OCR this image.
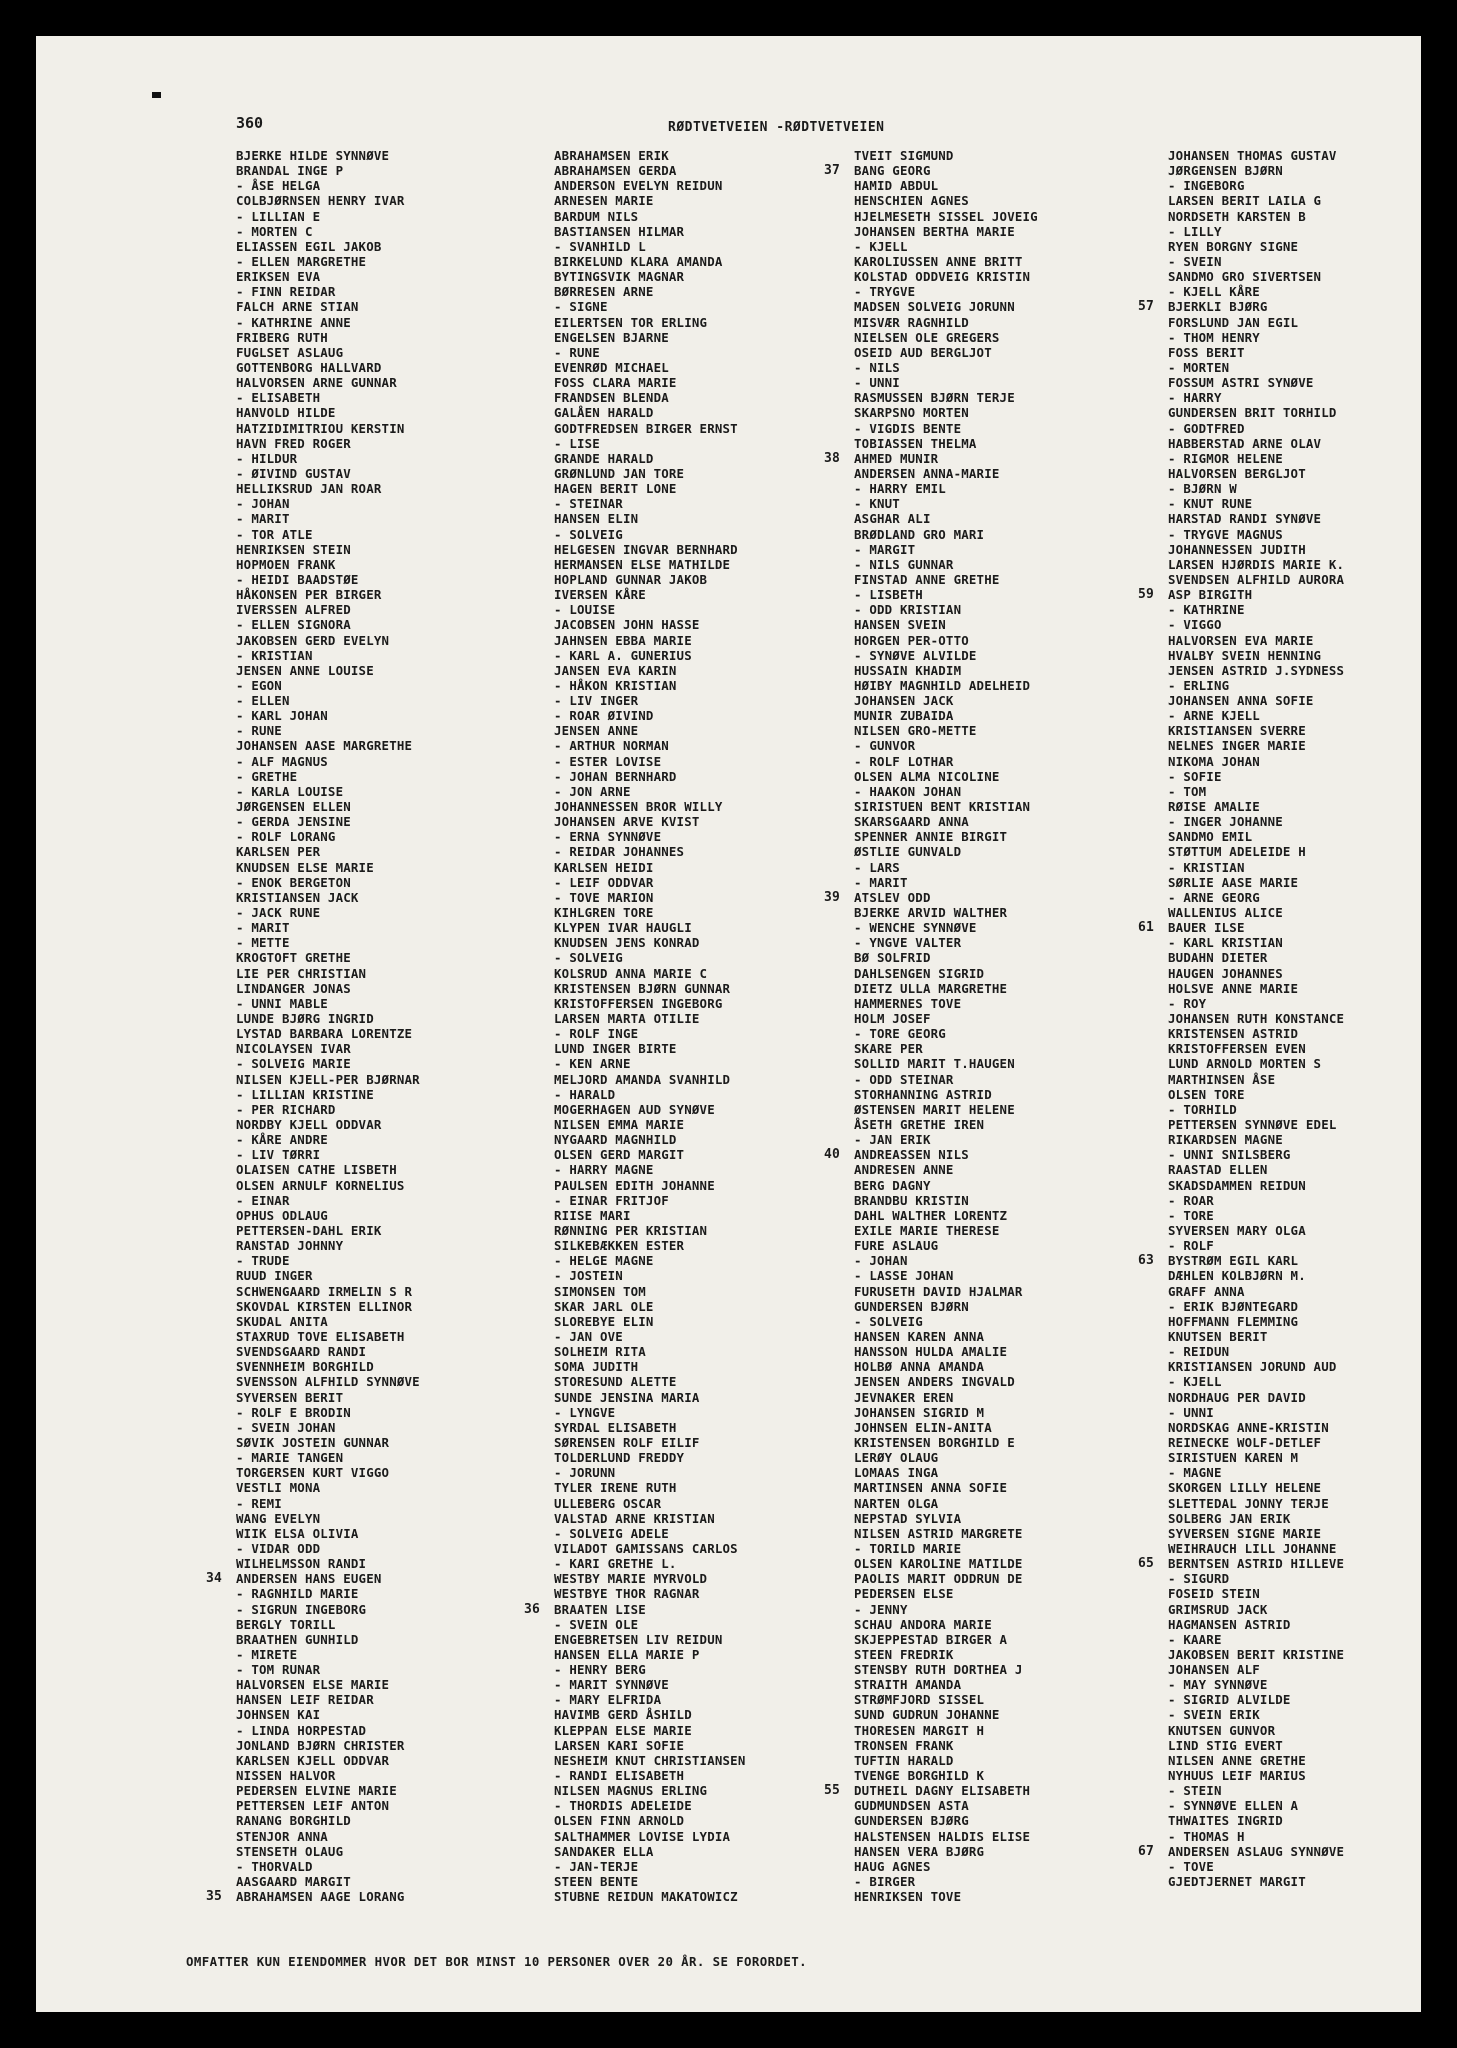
360	RØDTVETVEIEN -RØDTVETVEIEN
BJERKE HILDE SYNNØVE
BRANDAL INGE P
- ÅSE HELGA
COLBJØRNSEN HENRY IVAR
- LILLIAN E
- MORTEN C
ELIASSEN EGIL JAKOB
- ELLEN MARGRETHE
ERIKSEN EVA
- FINN REIDAR
FALCH ARNE STIAN
- KATHRINE ANNE
FRIBERG RUTH
FUGLSET ASLAUG
GOTTENBORG HALLVARD
HALVORSEN ARNE GUNNAR
- ELISABETH
HANVOLD HILDE
HATZIDIMITRIOU KERSTIN
HAVN FRED ROGER
- HILDUR
- ØIVIND GUSTAV
HELLIKSRUD JAN ROAR
- JOHAN
- MARIT
- TOR ATLE
HENRIKSEN STEIN
HOPMOEN FRANK
- HEIDI BAADSTØE
HÅKONSEN PER BIRGER
IVERSSEN ALFRED
- ELLEN SIGNORA
JAKOBSEN GERD EVELYN
- KRISTIAN
JENSEN ANNE LOUISE
- EGON
- ELLEN
- KARL JOHAN
- RUNE
JOHANSEN AASE MARGRETHE
- ALF MAGNUS
- GRETHE
- KARLA LOUISE
JØRGENSEN ELLEN
- GERDA JENSINE
- ROLF LORANG
KARLSEN PER
KNUDSEN ELSE MARIE
- ENOK BERGETON
KRISTIANSEN JACK
- JACK RUNE
- MARIT
- METTE
KROGTOFT GRETHE
LIE PER CHRISTIAN
LINDANGER JONAS
- UNNI MABLE
LUNDE BJØRG INGRID
LYSTAD BARBARA LORENTZE
NICOLAYSEN IVAR
- SOLVEIG MARIE
NILSEN KJELL-PER BJØRNAR
- LILLIAN KRISTINE
- PER RICHARD
NORDBY KJELL ODDVAR
- KÅRE ANDRE
- LIV TØRRI
OLAISEN CATHE LISBETH
OLSEN ARNULF KORNELIUS
- EINAR
OPHUS ODLAUG
PETTERSEN-DAHL ERIK
RANSTAD JOHNNY
- TRUDE
RUUD INGER
SCHWENGAARD IRMELIN S R
SKOVDAL KIRSTEN ELLINOR
SKUDAL ANITA
STAXRUD TOVE ELISABETH
SVENDSGAARD RANDI
SVENNHEIM BORGHILD
SVENSSON ALFHILD SYNNØVE
SYVERSEN BERIT
- ROLF E BRODIN
- SVEIN JOHAN
SØVIK JOSTEIN GUNNAR
- MARIE TANGEN
TORGERSEN KURT VIGGO
VESTLI MONA
- REMI
WANG EVELYN
WIIK ELSA OLIVIA
- VIDAR ODD
WILHELMSSON RANDI
34 ANDERSEN HANS EUGEN
- RAGNHILD MARIE
- SIGRUN INGEBORG
BERGLY TORILL
BRAATHEN GUNHILD
- MIRETE
- TOM RUNAR
HALVORSEN ELSE MARIE
HANSEN LEIF REIDAR
JOHNSEN KAI
- LINDA HORPESTAD
JONLAND BJØRN CHRISTER
KARLSEN KJELL ODDVAR
NISSEN HALVOR
PEDERSEN ELVINE MARIE
PETTERSEN LEIF ANTON
RANANG BORGHILD
STENJOR ANNA
STENSETH OLAUG
- THORVALD
AASGAARD MARGIT
35 ABRAHAMSEN AAGE LORANG
ABRAHAMSEN ERIK
ABRAHAMSEN GERDA
ANDERSON EVELYN REIDUN
ARNESEN MARIE
BARDUM NILS
BASTIANSEN HILMAR
- SVANHILD L
BIRKELUND KLARA AMANDA
BYTINGSVIK MAGNAR
BØRRESEN ARNE
- SIGNE
EILERTSEN TOR ERLING
ENGELSEN BJARNE
- RUNE
EVENRØD MICHAEL
FOSS CLARA MARIE
FRANDSEN BLENDA
GALÅEN HARALD
GODTFREDSEN BIRGER ERNST
- LISE
GRANDE HARALD
GRØNLUND JAN TORE
HAGEN BERIT LONE
- STEINAR
HANSEN ELIN
- SOLVEIG
HELGESEN INGVAR BERNHARD
HERMANSEN ELSE MATHILDE
HOPLAND GUNNAR JAKOB
IVERSEN KÅRE
- LOUISE
JACOBSEN JOHN HASSE
JAHNSEN EBBA MARIE
- KARL A. GUNERIUS
JANSEN EVA KARIN
- HÅKON KRISTIAN
- LIV INGER
- ROAR ØIVIND
JENSEN ANNE
- ARTHUR NORMAN
- ESTER LOVISE
- JOHAN BERNHARD
- JON ARNE
JOHANNESSEN BROR WILLY
JOHANSEN ARVE KVIST
- ERNA SYNNØVE
- REIDAR JOHANNES
KARLSEN HEIDI
- LEIF ODDVAR
- TOVE MARION
KIHLGREN TORE
KLYPEN IVAR HAUGLI
KNUDSEN JENS KONRAD
- SOLVEIG
KOLSRUD ANNA MARIE C
KRISTENSEN BJØRN GUNNAR
KRISTOFFERSEN INGEBORG
LARSEN MARTA OTILIE
- ROLF INGE
LUND INGER BIRTE
- KEN ARNE
MELJORD AMANDA SVANHILD
- HARALD
MOGERHAGEN AUD SYNØVE
NILSEN EMMA MARIE
NYGAARD MAGNHILD
OLSEN GERD MARGIT
- HARRY MAGNE
PAULSEN EDITH JOHANNE
- EINAR FRITJOF
RIISE MARI
RØNNING PER KRISTIAN
SILKEBÆKKEN ESTER
- HELGE MAGNE
- JOSTEIN
SIMONSEN TOM
SKAR JARL OLE
SLOREBYE ELIN
- JAN OVE
SOLHEIM RITA
SOMA JUDITH
STORESUND ALETTE
SUNDE JENSINA MARIA
- LYNGVE
SYRDAL ELISABETH
SØRENSEN ROLF EILIF
TOLDERLUND FREDDY
- JORUNN
TYLER IRENE RUTH
ULLEBERG OSCAR
VALSTAD ARNE KRISTIAN
- SOLVEIG ADELE
VILADOT GAMISSANS CARLOS
- KARI GRETHE L.
WESTBY MARIE MYRVOLD
WESTBYE THOR RAGNAR
36 BRAATEN LISE
- SVEIN OLE
ENGEBRETSEN LIV REIDUN
HANSEN ELLA MARIE P
- HENRY BERG
- MARIT SYNNØVE
- MARY ELFRIDA
HAVIMB GERD ÅSHILD
KLEPPAN ELSE MARIE
LARSEN KARI SOFIE
NESHEIM KNUT CHRISTIANSEN
- RANDI ELISABETH
NILSEN MAGNUS ERLING
- THORDIS ADELEIDE
OLSEN FINN ARNOLD
SALTHAMMER LOVISE LYDIA
SANDAKER ELLA
- JAN-TERJE
STEEN BENTE
STUBNE REIDUN MAKATOWICZ
TVEIT SIGMUND
37 BANG GEORG
HAMID ABDUL
HENSCHIEN AGNES
HJELMESETH SISSEL JOVEIG
JOHANSEN BERTHA MARIE
- KJELL
KAROLIUSSEN ANNE BRITT
KOLSTAD ODDVEIG KRISTIN
- TRYGVE
MADSEN SOLVEIG JORUNN
MISVÆR RAGNHILD
NIELSEN OLE GREGERS
OSEID AUD BERGLJOT
- NILS
- UNNI
RASMUSSEN BJØRN TERJE
SKARPSNO MORTEN
- VIGDIS BENTE
TOBIASSEN THELMA
38 AHMED MUNIR
ANDERSEN ANNA-MARIE
- HARRY EMIL
- KNUT
ASGHAR ALI
BRØDLAND GRO MARI
- MARGIT
- NILS GUNNAR
FINSTAD ANNE GRETHE
- LISBETH
- ODD KRISTIAN
HANSEN SVEIN
HORGEN PER-OTTO
- SYNØVE ALVILDE
HUSSAIN KHADIM
HØIBY MAGNHILD ADELHEID
JOHANSEN JACK
MUNIR ZUBAIDA
NILSEN GRO-METTE
- GUNVOR
- ROLF LOTHAR
OLSEN ALMA NICOLINE
- HAAKON JOHAN
SIRISTUEN BENT KRISTIAN
SKARSGAARD ANNA
SPENNER ANNIE BIRGIT
ØSTLIE GUNVALD
- LARS
- MARIT
39 ATSLEV ODD
BJERKE ARVID WALTHER
- WENCHE SYNNØVE
- YNGVE VALTER
BØ SOLFRID
DAHLSENGEN SIGRID
DIETZ ULLA MARGRETHE
HAMMERNES TOVE
HOLM JOSEF
- TORE GEORG
SKARE PER
SOLLID MARIT T.HAUGEN
- ODD STEINAR
STORHANNING ASTRID
ØSTENSEN MARIT HELENE
ÅSETH GRETHE IREN
- JAN ERIK
40 ANDREASSEN NILS
ANDRESEN ANNE
BERG DAGNY
BRANDBU KRISTIN
DAHL WALTHER LORENTZ
EXILE MARIE THERESE
FURE ASLAUG
- JOHAN
- LASSE JOHAN
FURUSETH DAVID HJALMAR
GUNDERSEN BJØRN
- SOLVEIG
HANSEN KAREN ANNA
HANSSON HULDA AMALIE
HOLBØ ANNA AMANDA
JENSEN ANDERS INGVALD
JEVNAKER EREN
JOHANSEN SIGRID M
JOHNSEN ELIN-ANITA
KRISTENSEN BORGHILD E
LERØY OLAUG
LOMAAS INGA
MARTINSEN ANNA SOFIE
NARTEN OLGA
NEPSTAD SYLVIA
NILSEN ASTRID MARGRETE
- TORILD MARIE
OLSEN KAROLINE MATILDE
PAOLIS MARIT ODDRUN DE
PEDERSEN ELSE
- JENNY
SCHAU ANDORA MARIE
SKJEPPESTAD BIRGER A
STEEN FREDRIK
STENSBY RUTH DORTHEA J
STRAITH AMANDA
STRØMFJORD SISSEL
SUND GUDRUN JOHANNE
THORESEN MARGIT H
TRONSEN FRANK
TUFTIN HARALD
TVENGE BORGHILD K
55 DUTHEIL DAGNY ELISABETH
GUDMUNDSEN ASTA
GUNDERSEN BJØRG
HALSTENSEN HALDIS ELISE
HANSEN VERA BJØRG
HAUG AGNES
- BIRGER
HENRIKSEN TOVE
JOHANSEN THOMAS GUSTAV
JØRGENSEN BJØRN
- INGEBORG
LARSEN BERIT LAILA G
NORDSETH KARSTEN B
- LILLY
RYEN BORGNY SIGNE
- SVEIN
SANDMO GRO SIVERTSEN
- KJELL KÅRE
57 BJERKLI BJØRG
FORSLUND JAN EGIL
- THOM HENRY
FOSS BERIT
- MORTEN
FOSSUM ASTRI SYNØVE
- HARRY
GUNDERSEN BRIT TORHILD
- GODTFRED
HABBERSTAD ARNE OLAV
- RIGMOR HELENE
HALVORSEN BERGLJOT
- BJØRN W
- KNUT RUNE
HARSTAD RANDI SYNØVE
- TRYGVE MAGNUS
JOHANNESSEN JUDITH
LARSEN HJØRDIS MARIE K.
SVENDSEN ALFHILD AURORA
59 ASP BIRGITH
- KATHRINE
- VIGGO
HALVORSEN EVA MARIE
HVALBY SVEIN HENNING
JENSEN ASTRID J.SYDNESS
- ERLING
JOHANSEN ANNA SOFIE
- ARNE KJELL
KRISTIANSEN SVERRE
NELNES INGER MARIE
NIKOMA JOHAN
- SOFIE
- TOM
RØISE AMALIE
- INGER JOHANNE
SANDMO EMIL
STØTTUM ADELEIDE H
- KRISTIAN
SØRLIE AASE MARIE
- ARNE GEORG
WALLENIUS ALICE
61 BAUER ILSE
- KARL KRISTIAN
BUDAHN DIETER
HAUGEN JOHANNES
HOLSVE ANNE MARIE
- ROY
JOHANSEN RUTH KONSTANCE
KRISTENSEN ASTRID
KRISTOFFERSEN EVEN
LUND ARNOLD MORTEN S
MARTHINSEN ÅSE
OLSEN TORE
- TORHILD
PETTERSEN SYNNØVE EDEL
RIKARDSEN MAGNE
- UNNI SNILSBERG
RAASTAD ELLEN
SKADSDAMMEN REIDUN
- ROAR
- TORE
SYVERSEN MARY OLGA
- ROLF
63 BYSTRØM EGIL KARL
DÆHLEN KOLBJØRN M.
GRAFF ANNA
- ERIK BJØNTEGARD
HOFFMANN FLEMMING
KNUTSEN BERIT
- REIDUN
KRISTIANSEN JORUND AUD
- KJELL
NORDHAUG PER DAVID
- UNNI
NORDSKAG ANNE-KRISTIN
REINECKE WOLF-DETLEF
SIRISTUEN KAREN M
- MAGNE
SKORGEN LILLY HELENE
SLETTEDAL JONNY TERJE
SOLBERG JAN ERIK
SYVERSEN SIGNE MARIE
WEIHRAUCH LILL JOHANNE
65 BERNTSEN ASTRID HILLEVE
- SIGURD
FOSEID STEIN
GRIMSRUD JACK
HAGMANSEN ASTRID
- KAARE
JAKOBSEN BERIT KRISTINE
JOHANSEN ALF
- MAY SYNNØVE
- SIGRID ALVILDE
- SVEIN ERIK
KNUTSEN GUNVOR
LIND STIG EVERT
NILSEN ANNE GRETHE
NYHUUS LEIF MARIUS
- STEIN
- SYNNØVE ELLEN A
THWAITES INGRID
- THOMAS H
67 ANDERSEN ASLAUG SYNNØVE
- TOVE
GJEDTJERNET MARGIT
OMFATTER KUN EIENDOMMER HVOR DET BOR MINST 10 PERSONER OVER 20 ÅR. SE FORORDET.
